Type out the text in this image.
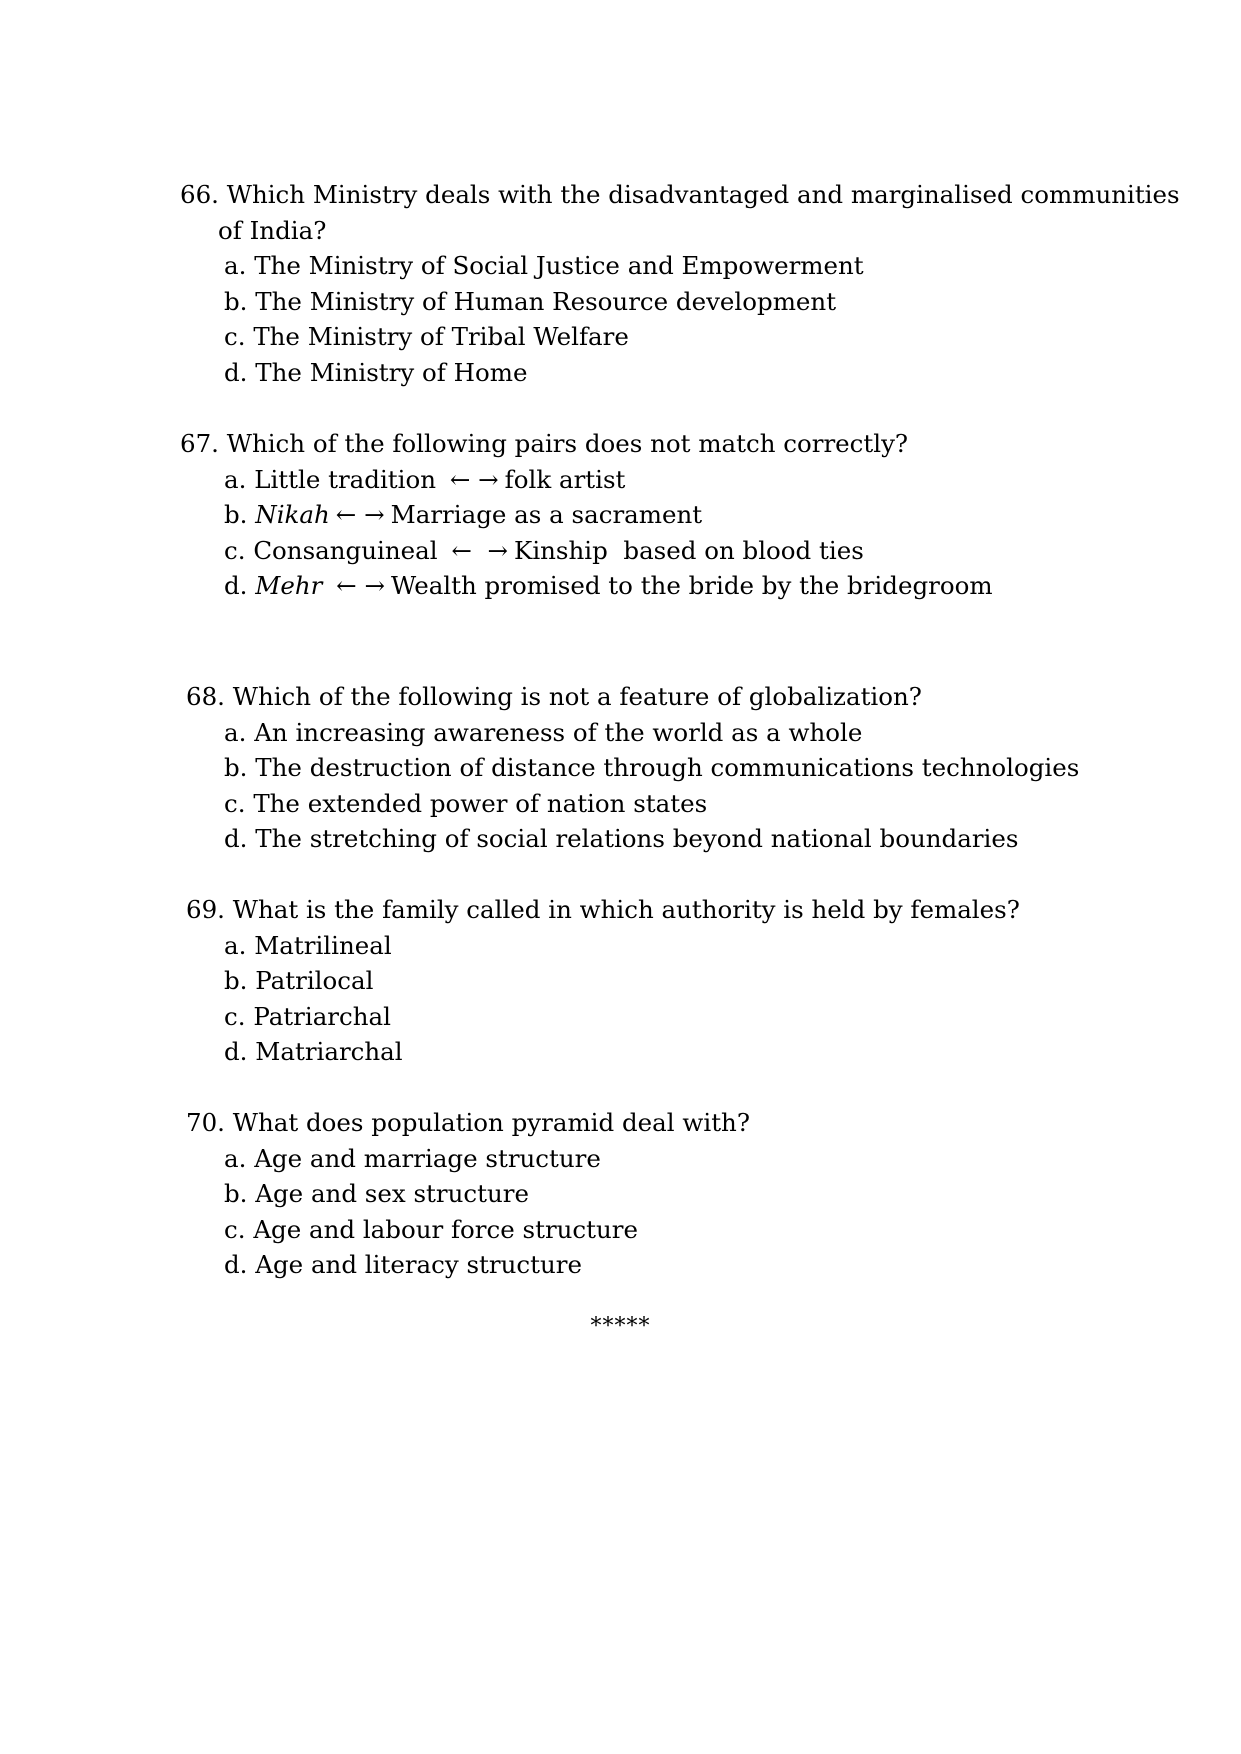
66. Which Ministry deals with the disadvantaged and marginalised communities
of India?
a. The Ministry of Social Justice and Empowerment
b. The Ministry of Human Resource development
c. The Ministry of Tribal Welfare
d. The Ministry of Home
67. Which of the following pairs does not match correctly?
a. Little tradition ← → folk artist
b. Nikah ← → Marriage as a sacrament
c. Consanguineal ←  → Kinship  based on blood ties
d. Mehr ← → Wealth promised to the bride by the bridegroom
68. Which of the following is not a feature of globalization?
a. An increasing awareness of the world as a whole
b. The destruction of distance through communications technologies
c. The extended power of nation states
d. The stretching of social relations beyond national boundaries
69. What is the family called in which authority is held by females?
a. Matrilineal
b. Patrilocal
c. Patriarchal
d. Matriarchal
70. What does population pyramid deal with?
a. Age and marriage structure
b. Age and sex structure
c. Age and labour force structure
d. Age and literacy structure
*****
